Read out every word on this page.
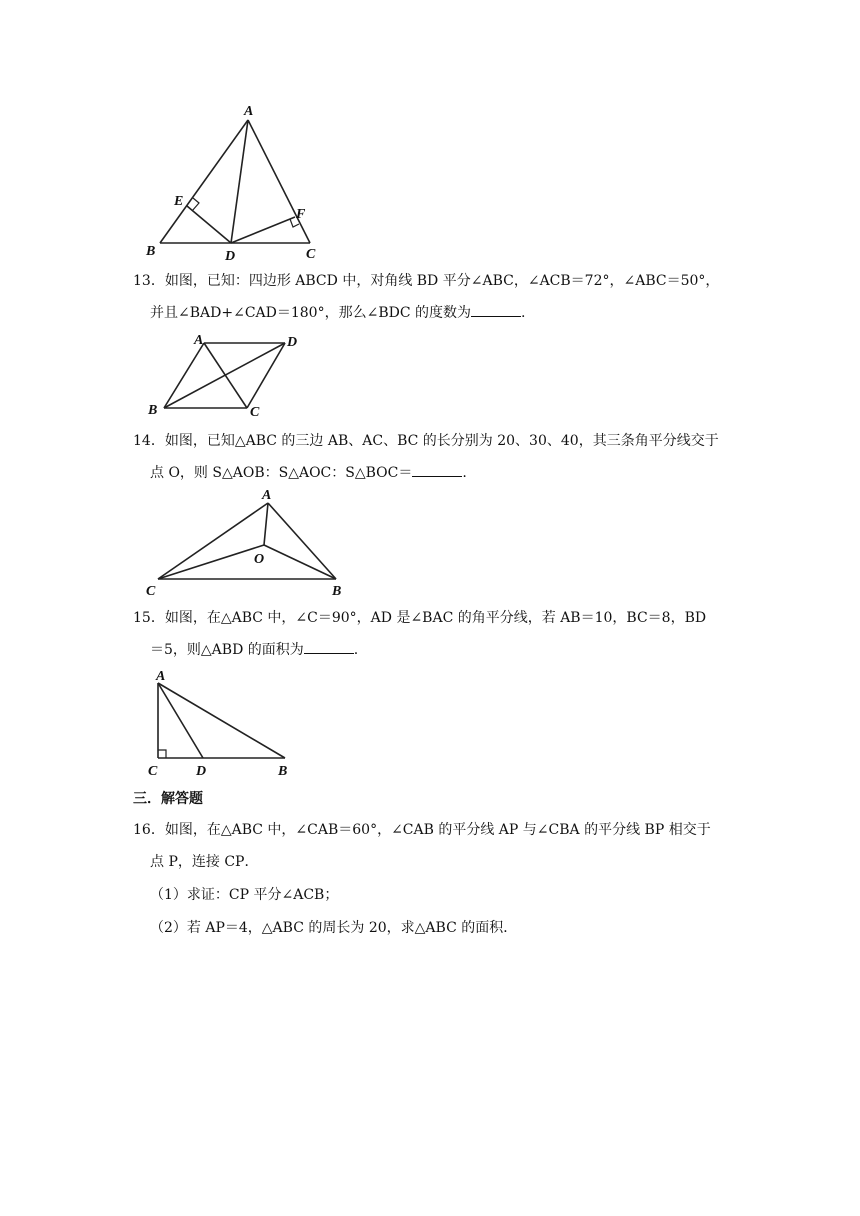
A
B	C
D
E
F
13．如图，已知：四边形 ABCD 中，对角线 BD 平分∠ABC，∠ACB＝72°，∠ABC＝50°，
并且∠BAD+∠CAD＝180°，那么∠BDC 的度数为	.
A	D
B	C
14．如图，已知△ABC 的三边 AB、AC、BC 的长分别为 20、30、40，其三条角平分线交于
点 O，则 S△AOB：S△AOC：S△BOC＝	.
A
O
C	B
15．如图，在△ABC 中，∠C＝90°，AD 是∠BAC 的角平分线，若 AB＝10，BC＝8，BD
＝5，则△ABD 的面积为	.
A
C	D	B
三．解答题
16．如图，在△ABC 中，∠CAB＝60°，∠CAB 的平分线 AP 与∠CBA 的平分线 BP 相交于
点 P，连接 CP．
（1）求证：CP 平分∠ACB；
（2）若 AP＝4，△ABC 的周长为 20，求△ABC 的面积．
